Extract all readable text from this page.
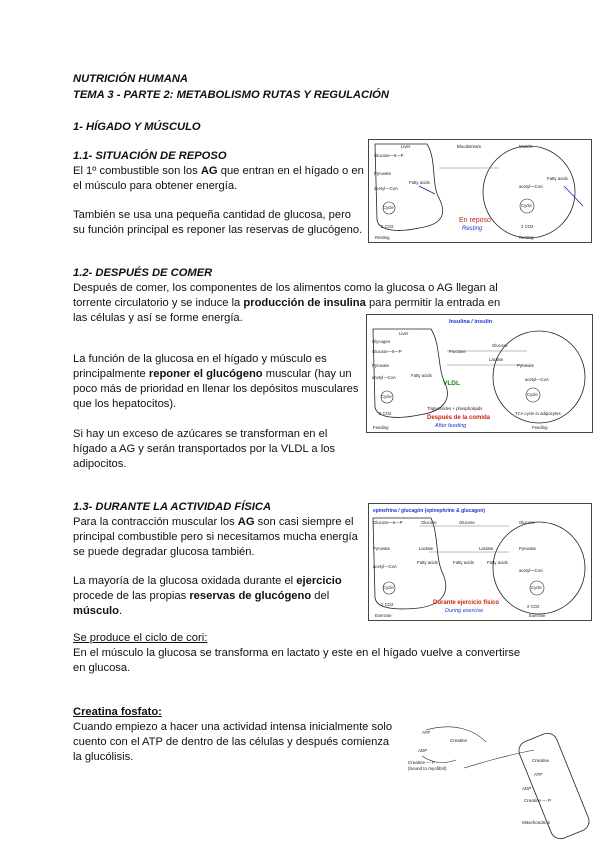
NUTRICIÓN HUMANA

TEMA 3 - PARTE 2: METABOLISMO RUTAS Y REGULACIÓN

1- HÍGADO Y MÚSCULO

1.1- SITUACIÓN DE REPOSO

El 1º combustible son los AG que entran en el hígado o en el músculo para obtener energía.

También se usa una pequeña cantidad de glucosa, pero su función principal es reponer las reservas de glucógeno.

Liver	Bloodstream	Muscle
Glucose—6—P
Pyruvate
acetyl—CoA
Fatty acids
Cycle
2 CO2
acetyl—CoA
Fatty acids
Cycle
2 CO2
En reposo
Resting
Resting	Resting

1.2- DESPUÉS DE COMER

Después de comer, los componentes de los alimentos como la glucosa o AG llegan al torrente circulatorio y se induce la producción de insulina para permitir la entrada en las células y así se forme energía.

La función de la glucosa en el hígado y músculo es principalmente reponer el glucógeno muscular (hay un poco más de prioridad en llenar los depósitos musculares que los hepatocitos).

Si hay un exceso de azúcares se transforman en el hígado a AG y serán transportados por la VLDL a los adipocitos.

Insulina / insulin
Liver
Glycogen
Glucose—6—P	Fructose
Glucose
Lactate
Pyruvate	Pyruvate
acetyl—CoA	acetyl—CoA
Fatty acids
VLDL
Cycle	Cycle
2 CO2
Triglycerides + phospholipids
TCA cycle in adipocytes
Después de la comida
After feeding
Feeding	Feeding

1.3- DURANTE LA ACTIVIDAD FÍSICA

Para la contracción muscular los AG son casi siempre el principal combustible pero si necesitamos mucha energía se puede degradar glucosa también.

La mayoría de la glucosa oxidada durante el ejercicio procede de las propias reservas de glucógeno del músculo.

Se produce el ciclo de cori:

En el músculo la glucosa se transforma en lactato y este en el hígado vuelve a convertirse en glucosa.

epinefrina / glucagón (epinephrine & glucagon)
Glucose—6—P	Glucose	Glucose	Glucose
Pyruvate	Lactate	Lactate	Pyruvate
acetyl—CoA
acetyl—CoA
Fatty acids	Fatty acids	Fatty acids
Cycle	Cycle
2 CO2	2 CO2
Durante ejercicio físico
During exercise
Exercise	Exercise

Creatina fosfato:

Cuando empiezo a hacer una actividad intensa inicialmente solo cuento con el ATP de dentro de las células y después comienza la glucólisis.

ATP
Creatine
ADP
Creatine — P
(bound to myofibril)
Creatine
ATP
ADP
Creatine — P
Mitochondrion
